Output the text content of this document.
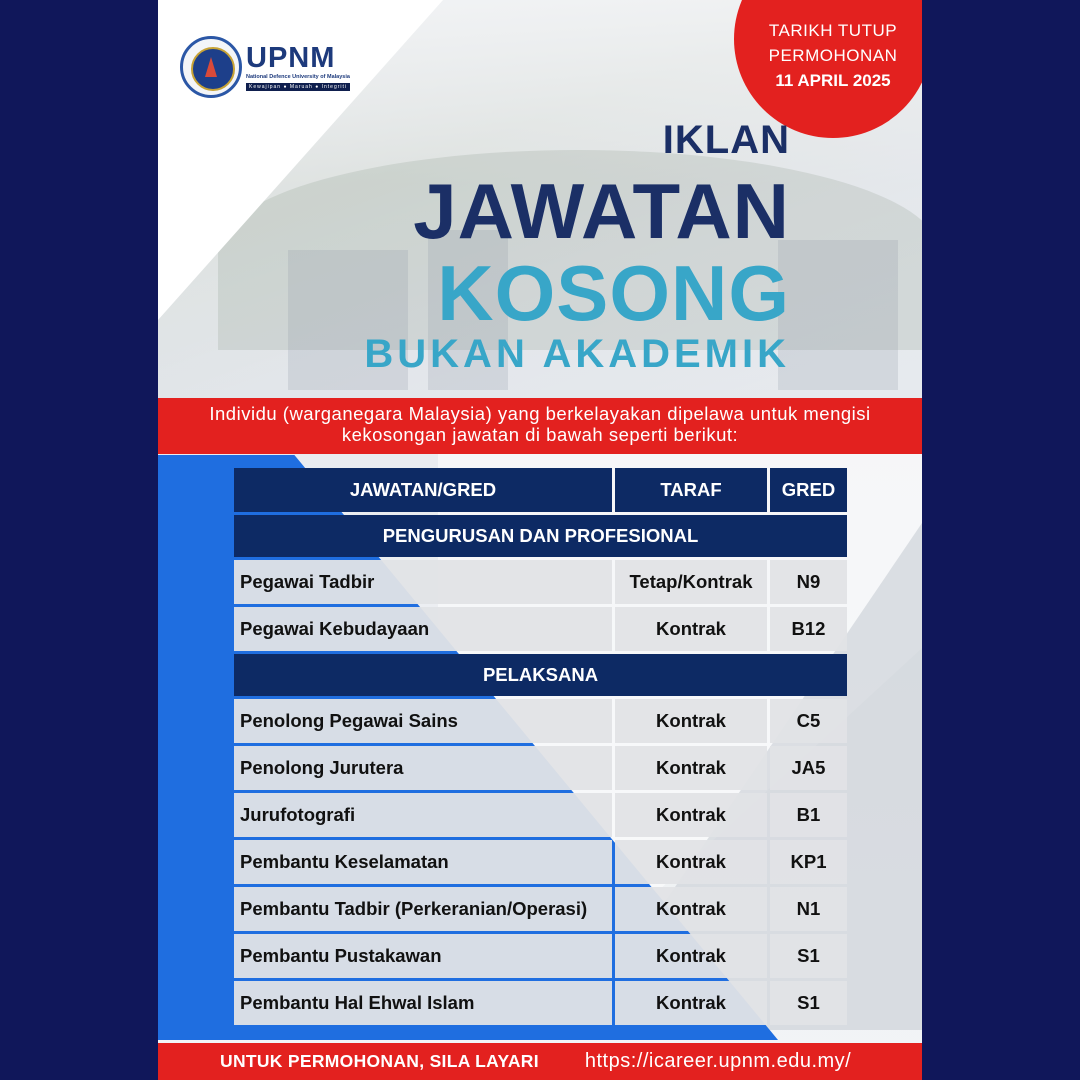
UPNM
National Defence University of Malaysia
Kewajipan ● Maruah ● Integriti
TARIKH TUTUP
PERMOHONAN
11 APRIL 2025
IKLAN
JAWATAN
KOSONG
BUKAN AKADEMIK
Individu (warganegara Malaysia) yang berkelayakan dipelawa untuk mengisi
kekosongan jawatan di bawah seperti berikut:
UNTUK PERMOHONAN, SILA LAYARI https://icareer.upnm.edu.my/
JAWATAN/GRED	TARAF	GRED
PENGURUSAN DAN PROFESIONAL
Pegawai Tadbir	Tetap/Kontrak	N9
Pegawai Kebudayaan	Kontrak	B12
PELAKSANA
Penolong Pegawai Sains	Kontrak	C5
Penolong Jurutera	Kontrak	JA5
Jurufotografi	Kontrak	B1
Pembantu Keselamatan	Kontrak	KP1
Pembantu Tadbir (Perkeranian/Operasi)	Kontrak	N1
Pembantu Pustakawan	Kontrak	S1
Pembantu Hal Ehwal Islam	Kontrak	S1
